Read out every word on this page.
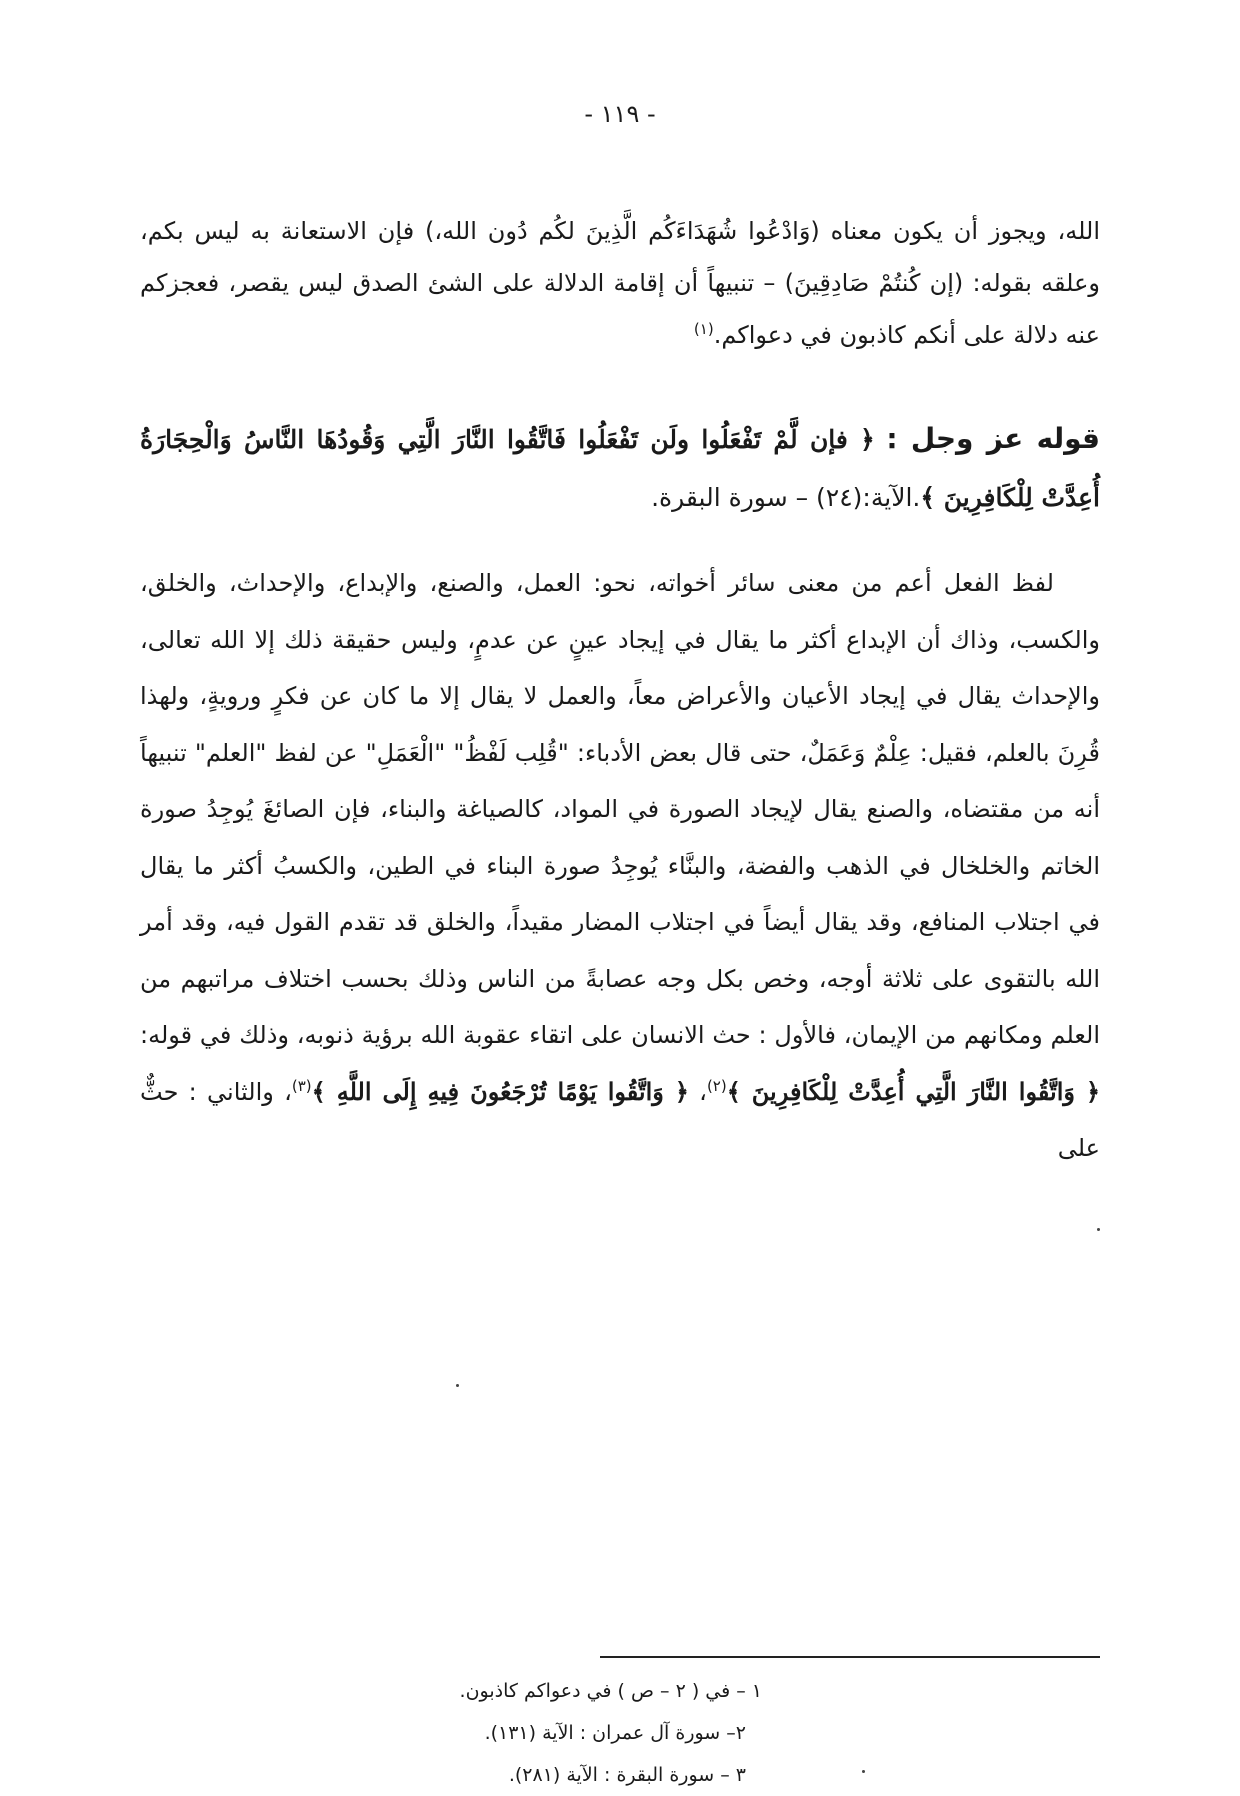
- ١١٩ -
الله، ويجوز أن يكون معناه (وَادْعُوا شُهَدَاءَكُم الَّذِينَ لكُم دُون الله،) فإن الاستعانة به ليس بكم، وعلقه بقوله: (إن كُنتُمْ صَادِقِينَ) – تنبيهاً أن إقامة الدلالة على الشئ الصدق ليس يقصر، فعجزكم عنه دلالة على أنكم كاذبون في دعواكم.$^{(١)}$
قوله عز وجل : ﴿ فإن لَّمْ تَفْعَلُوا ولَن تَفْعَلُوا فَاتَّقُوا النَّارَ الَّتِي وَقُودُهَا النَّاسُ وَالْحِجَارَةُ أُعِدَّتْ لِلْكَافِرِينَ ﴾.الآية:(٢٤) – سورة البقرة.

لفظ الفعل أعم من معنى سائر أخواته، نحو: العمل، والصنع، والإبداع، والإحداث، والخلق، والكسب، وذاك أن الإبداع أكثر ما يقال في إيجاد عينٍ عن عدمٍ، وليس حقيقة ذلك إلا الله تعالى، والإحداث يقال في إيجاد الأعيان والأعراض معاً، والعمل لا يقال إلا ما كان عن فكرٍ ورويةٍ، ولهذا قُرِنَ بالعلم، فقيل: عِلْمٌ وَعَمَلٌ، حتى قال بعض الأدباء: "قُلِب لَفْظُ" "الْعَمَلِ" عن لفظ "العلم" تنبيهاً أنه من مقتضاه، والصنع يقال لإيجاد الصورة في المواد، كالصياغة والبناء، فإن الصائغَ يُوجِدُ صورة الخاتم والخلخال في الذهب والفضة، والبنَّاء يُوجِدُ صورة البناء في الطين، والكسبُ أكثر ما يقال في اجتلاب المنافع، وقد يقال أيضاً في اجتلاب المضار مقيداً، والخلق قد تقدم القول فيه، وقد أمر الله بالتقوى على ثلاثة أوجه، وخص بكل وجه عصابةً من الناس وذلك بحسب اختلاف مراتبهم من العلم ومكانهم من الإيمان، فالأول : حث الانسان على اتقاء عقوبة الله برؤية ذنوبه، وذلك في قوله: ﴿ وَاتَّقُوا النَّارَ الَّتِي أُعِدَّتْ لِلْكَافِرِينَ ﴾$^{(٢)}$، ﴿ وَاتَّقُوا يَوْمًا تُرْجَعُونَ فِيهِ إِلَى اللَّهِ ﴾$^{(٣)}$، والثاني : حثٌّ على

١ – في ( ٢ – ص ) في دعواكم كاذبون.
٢– سورة آل عمران : الآية (١٣١).
٣ – سورة البقرة : الآية (٢٨١).
